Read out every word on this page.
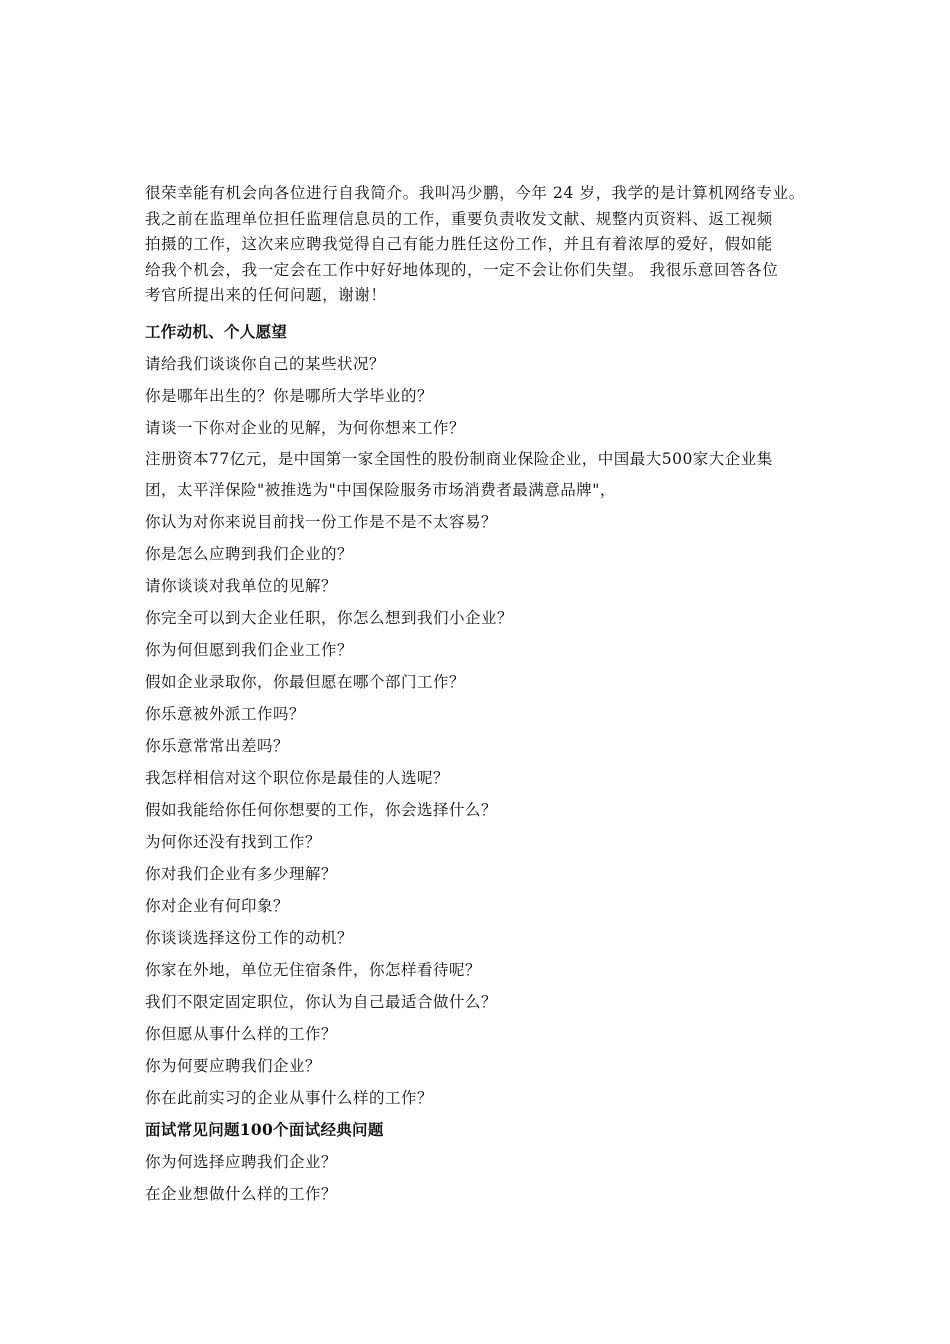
很荣幸能有机会向各位进行自我简介。我叫冯少鹏，今年 24 岁，我学的是计算机网络专业。
我之前在监理单位担任监理信息员的工作，重要负责收发文献、规整内页资料、返工视频
拍摄的工作，这次来应聘我觉得自己有能力胜任这份工作，并且有着浓厚的爱好，假如能
给我个机会，我一定会在工作中好好地体现的，一定不会让你们失望。 我很乐意回答各位
考官所提出来的任何问题，谢谢！
工作动机、个人愿望
请给我们谈谈你自己的某些状况？
你是哪年出生的？你是哪所大学毕业的？
请谈一下你对企业的见解，为何你想来工作？
注册资本77亿元，是中国第一家全国性的股份制商业保险企业，中国最大500家大企业集
团，太平洋保险"被推选为"中国保险服务市场消费者最满意品牌"，
你认为对你来说目前找一份工作是不是不太容易？
你是怎么应聘到我们企业的？
请你谈谈对我单位的见解？
你完全可以到大企业任职，你怎么想到我们小企业？
你为何但愿到我们企业工作？
假如企业录取你，你最但愿在哪个部门工作？
你乐意被外派工作吗？
你乐意常常出差吗？
我怎样相信对这个职位你是最佳的人选呢？
假如我能给你任何你想要的工作，你会选择什么？
为何你还没有找到工作？
你对我们企业有多少理解？
你对企业有何印象？
你谈谈选择这份工作的动机？
你家在外地，单位无住宿条件，你怎样看待呢？
我们不限定固定职位，你认为自己最适合做什么？
你但愿从事什么样的工作？
你为何要应聘我们企业？
你在此前实习的企业从事什么样的工作？
面试常见问题100个面试经典问题
你为何选择应聘我们企业？
在企业想做什么样的工作？
